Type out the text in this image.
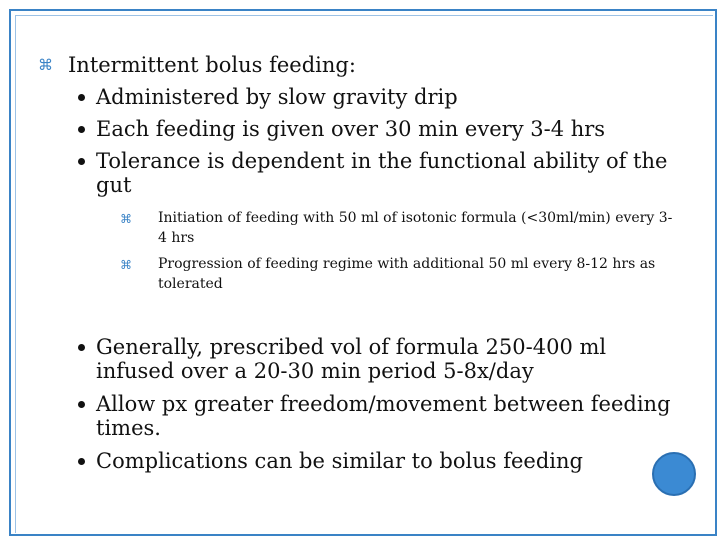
⌘ Intermittent bolus feeding:
Administered by slow gravity drip
Each feeding is given over 30 min every 3-4 hrs
Tolerance is dependent in the functional ability of the gut
⌘ Initiation of feeding with 50 ml of isotonic formula (<30ml/min) every 3-4 hrs
⌘ Progression of feeding regime with additional 50 ml every 8-12 hrs as tolerated
Generally, prescribed vol of formula 250-400 ml infused over a 20-30 min period 5-8x/day
Allow px greater freedom/movement between feeding times.
Complications can be similar to bolus feeding
